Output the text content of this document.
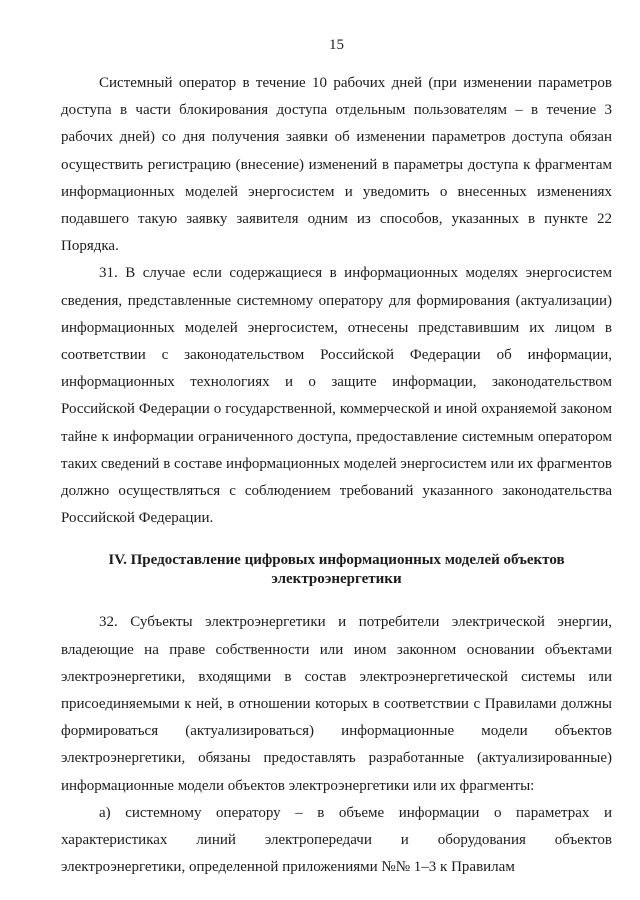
15

Системный оператор в течение 10 рабочих дней (при изменении параметров доступа в части блокирования доступа отдельным пользователям – в течение 3 рабочих дней) со дня получения заявки об изменении параметров доступа обязан осуществить регистрацию (внесение) изменений в параметры доступа к фрагментам информационных моделей энергосистем и уведомить о внесенных изменениях подавшего такую заявку заявителя одним из способов, указанных в пункте 22 Порядка.

31. В случае если содержащиеся в информационных моделях энергосистем сведения, представленные системному оператору для формирования (актуализации) информационных моделей энергосистем, отнесены представившим их лицом в соответствии с законодательством Российской Федерации об информации, информационных технологиях и о защите информации, законодательством Российской Федерации о государственной, коммерческой и иной охраняемой законом тайне к информации ограниченного доступа, предоставление системным оператором таких сведений в составе информационных моделей энергосистем или их фрагментов должно осуществляться с соблюдением требований указанного законодательства Российской Федерации.

IV. Предоставление цифровых информационных моделей объектов
электроэнергетики

32. Субъекты электроэнергетики и потребители электрической энергии, владеющие на праве собственности или ином законном основании объектами электроэнергетики, входящими в состав электроэнергетической системы или присоединяемыми к ней, в отношении которых в соответствии с Правилами должны формироваться (актуализироваться) информационные модели объектов электроэнергетики, обязаны предоставлять разработанные (актуализированные) информационные модели объектов электроэнергетики или их фрагменты:

а) системному оператору – в объеме информации о параметрах и характеристиках линий электропередачи и оборудования объектов электроэнергетики, определенной приложениями №№ 1–3 к Правилам
